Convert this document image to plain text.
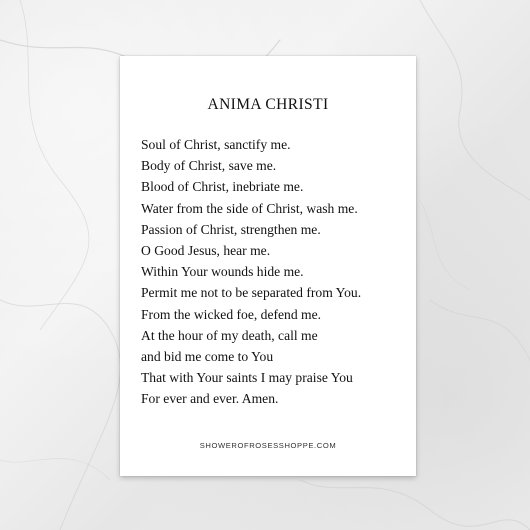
ANIMA CHRISTI
Soul of Christ, sanctify me.
Body of Christ, save me.
Blood of Christ, inebriate me.
Water from the side of Christ, wash me.
Passion of Christ, strengthen me.
O Good Jesus, hear me.
Within Your wounds hide me.
Permit me not to be separated from You.
From the wicked foe, defend me.
At the hour of my death, call me
and bid me come to You
That with Your saints I may praise You
For ever and ever. Amen.
SHOWEROFROSESSHOPPE.COM
